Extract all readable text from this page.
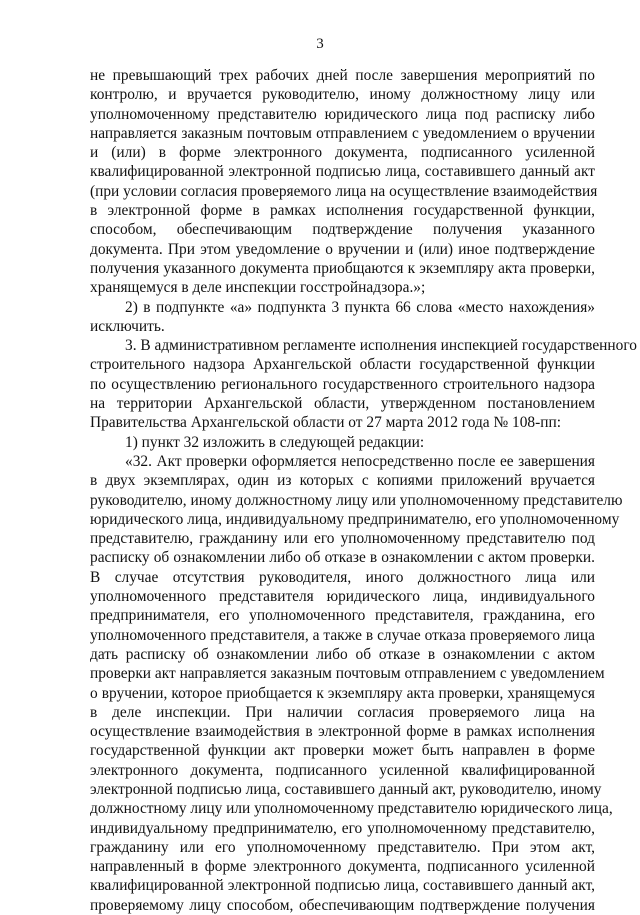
3

не превышающий трех рабочих дней после завершения мероприятий по
контролю, и вручается руководителю, иному должностному лицу или
уполномоченному представителю юридического лица под расписку либо
направляется заказным почтовым отправлением с уведомлением о вручении
и (или) в форме электронного документа, подписанного усиленной
квалифицированной электронной подписью лица, составившего данный акт
(при условии согласия проверяемого лица на осуществление взаимодействия
в электронной форме в рамках исполнения государственной функции,
способом, обеспечивающим подтверждение получения указанного
документа. При этом уведомление о вручении и (или) иное подтверждение
получения указанного документа приобщаются к экземпляру акта проверки,
хранящемуся в деле инспекции госстройнадзора.»;

2) в подпункте «а» подпункта 3 пункта 66 слова «место нахождения»
исключить.

3. В административном регламенте исполнения инспекцией государственного
строительного надзора Архангельской области государственной функции
по осуществлению регионального государственного строительного надзора
на территории Архангельской области, утвержденном постановлением
Правительства Архангельской области от 27 марта 2012 года № 108-пп:

1) пункт 32 изложить в следующей редакции:

«32. Акт проверки оформляется непосредственно после ее завершения
в двух экземплярах, один из которых с копиями приложений вручается
руководителю, иному должностному лицу или уполномоченному представителю
юридического лица, индивидуальному предпринимателю, его уполномоченному
представителю, гражданину или его уполномоченному представителю под
расписку об ознакомлении либо об отказе в ознакомлении с актом проверки.
В случае отсутствия руководителя, иного должностного лица или
уполномоченного представителя юридического лица, индивидуального
предпринимателя, его уполномоченного представителя, гражданина, его
уполномоченного представителя, а также в случае отказа проверяемого лица
дать расписку об ознакомлении либо об отказе в ознакомлении с актом
проверки акт направляется заказным почтовым отправлением с уведомлением
о вручении, которое приобщается к экземпляру акта проверки, хранящемуся
в деле инспекции. При наличии согласия проверяемого лица на
осуществление взаимодействия в электронной форме в рамках исполнения
государственной функции акт проверки может быть направлен в форме
электронного документа, подписанного усиленной квалифицированной
электронной подписью лица, составившего данный акт, руководителю, иному
должностному лицу или уполномоченному представителю юридического лица,
индивидуальному предпринимателю, его уполномоченному представителю,
гражданину или его уполномоченному представителю. При этом акт,
направленный в форме электронного документа, подписанного усиленной
квалифицированной электронной подписью лица, составившего данный акт,
проверяемому лицу способом, обеспечивающим подтверждение получения
